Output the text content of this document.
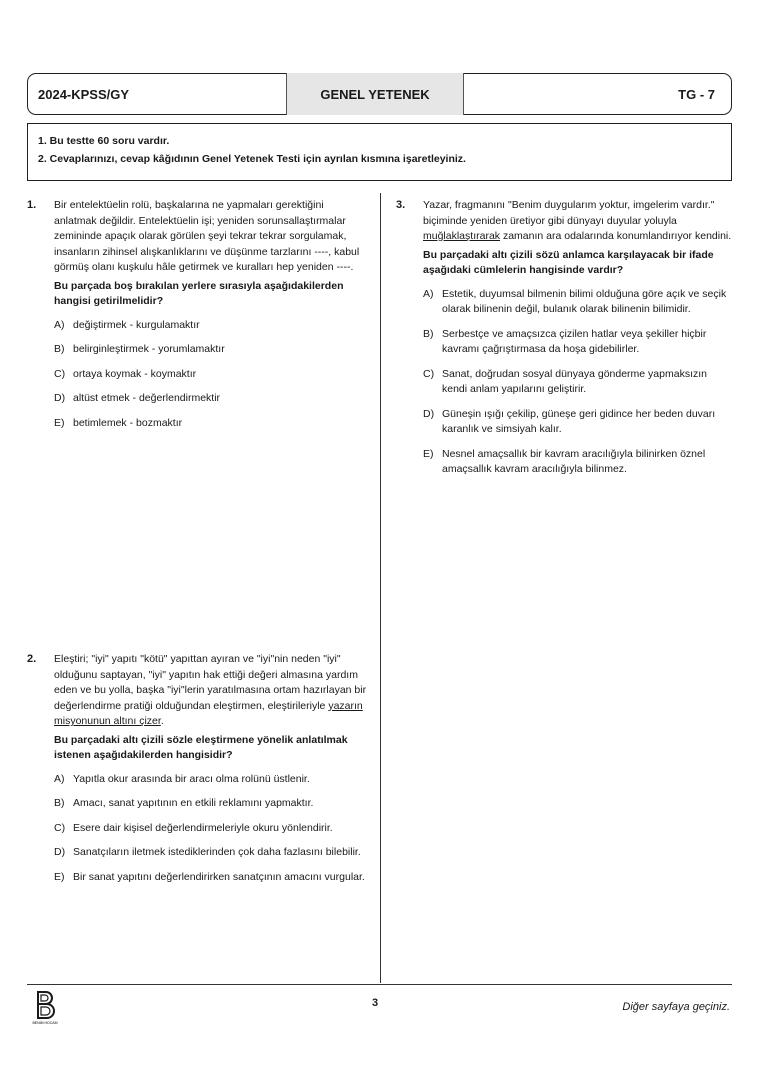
2024-KPSS/GY	GENEL YETENEK	TG - 7
1. Bu testte 60 soru vardır.
2. Cevaplarınızı, cevap kâğıdının Genel Yetenek Testi için ayrılan kısmına işaretleyiniz.
1. Bir entelektüelin rolü, başkalarına ne yapmaları gerektiğini anlatmak değildir. Entelektüelin işi; yeniden sorunsallaştırmalar zemininde apaçık olarak görülen şeyi tekrar tekrar sorgulamak, insanların zihinsel alışkanlıklarını ve düşünme tarzlarını ----, kabul görmüş olanı kuşkulu hâle getirmek ve kuralları hep yeniden ----.

Bu parçada boş bırakılan yerlere sırasıyla aşağıdakilerden hangisi getirilmelidir?

A) değiştirmek - kurgulamaktır
B) belirginleştirmek - yorumlamaktır
C) ortaya koymak - koymaktır
D) altüst etmek - değerlendirmektir
E) betimlemek - bozmaktır
2. Eleştiri; "iyi" yapıtı "kötü" yapıttan ayıran ve "iyi"nin neden "iyi" olduğunu saptayan, "iyi" yapıtın hak ettiği değeri almasına yardım eden ve bu yolla, başka "iyi"lerin yaratılmasına ortam hazırlayan bir değerlendirme pratiği olduğundan eleştirmen, eleştirileriyle yazarın misyonunun altını çizer.

Bu parçadaki altı çizili sözle eleştirmene yönelik anlatılmak istenen aşağıdakilerden hangisidir?

A) Yapıtla okur arasında bir aracı olma rolünü üstlenir.
B) Amacı, sanat yapıtının en etkili reklamını yapmaktır.
C) Esere dair kişisel değerlendirmeleriyle okuru yönlendirir.
D) Sanatçıların iletmek istediklerinden çok daha fazlasını bilebilir.
E) Bir sanat yapıtını değerlendirirken sanatçının amacını vurgular.
3. Yazar, fragmanını "Benim duygularım yoktur, imgelerim vardır." biçiminde yeniden üretiyor gibi dünyayı duyular yoluyla muğlaklaştırarak zamanın ara odalarında konumlandırıyor kendini.

Bu parçadaki altı çizili sözü anlamca karşılayacak bir ifade aşağıdaki cümlelerin hangisinde vardır?

A) Estetik, duyumsal bilmenin bilimi olduğuna göre açık ve seçik olarak bilinenin değil, bulanık olarak bilinenin bilimidir.
B) Serbestçe ve amaçsızca çizilen hatlar veya şekiller hiçbir kavramı çağrıştırmasa da hoşa gidebilirler.
C) Sanat, doğrudan sosyal dünyaya gönderme yapmaksızın kendi anlam yapılarını geliştirir.
D) Güneşin ışığı çekilip, güneşe geri gidince her beden duvarı karanlık ve simsiyah kalır.
E) Nesnel amaçsallık bir kavram aracılığıyla bilinirken öznel amaçsallık kavram aracılığıyla bilinmez.
BENİM HOCAM
3	Diğer sayfaya geçiniz.
